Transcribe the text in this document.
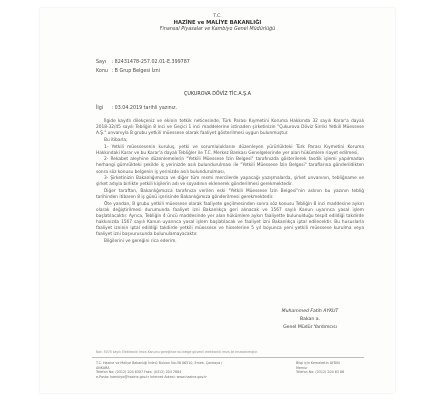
T.C.
HAZİNE ve MALİYE BAKANLIĞI
Finansal Piyasalar ve Kambiyo Genel Müdürlüğü
Sayı : 82431478-257.02.01-E.399787
Konu : B Grup Belgesi İzni
ÇUKUROVA DÖVİZ TİC.A.Ş.A
İlgi : 03.04.2019 tarihli yazınız.

İlgide kayıtlı dilekçeniz ve ekinin tetkik neticesinde, Türk Parası Kıymetini Koruma Hakkında 32 sayılı Karar'a dayalı 2018-32/45 sayılı Tebliğin 8 inci ve Geçici 1 inci maddelerine istinaden şirketinizin "Çukurova Döviz Sirriki Yetkili Müessese A.Ş." unvanıyla B grubu yetkili müessese olarak faaliyet gösterilmesi uygun bulunmuştur.

Bu itibarla;

1- Yetkili müessesenin kuruluş, yetki ve sorumluluklarını düzenleyen yürürlükteki Türk Parası Kıymetini Koruma Hakkındaki Karar ve bu Karar'a dayalı Tebliğler ile T.C. Merkez Bankası Genelgelerinde yer alan hükümlere riayet edilmesi,

2- Rekabet aleyhine düzenlemelerin "Yetkili Müessese İzin Belgesi" tarafınızda gösterilerek tasdik işlemi yapılmadan herhangi gümrükteki şekilde iş yerinizde asılı bulundurulması ile "Yetkili Müessese İzin Belgesi" taraflarına gönderildikten sonra söz konusu belgenin iş yerinizde asılı bulundurulması,

3- Şirketinizin Bakanlığımızca ve diğer tüm resmi mercilerde yapacağı yazışmalarda, şirket unvanının, tebliğname ve şirket adıyla birlikte yetkili kişilerin adı ve soyadının eklenerek gönderilmesi gerekmektedir.

Diğer taraftan, Bakanlığımızca tarafınıza verilen eski "Yetkili Müessese İzin Belgesi"nin aslının bu yazının tebliğ tarihinden itibaren 8 iş günü içerisinde Bakanlığımıza gönderilmesi gerekmektedir.

Öte yandan, B grubu yetkili müessese olarak faaliyete geçilmesinden sonra söz konusu Tebliğin 8 inci maddesine aykırı olarak değiştirilmesi durumunda faaliyet izni Bakanlıkça geri alınacak ve 1567 sayılı Kanun uyarınca yasal işlem başlatılacaktır. Ayrıca, Tebliğin 4 üncü maddesinde yer alan hükümlere aykırı faaliyette bulunulduğu tespit edildiği takdirde hakkınızda 1567 sayılı Kanun uyarınca yasal işlem başlatılacak ve faaliyet izni Bakanlıkça iptal edilecektir. Bu hususlarla faaliyet izninin iptal edildiği takdirde yetkili müessese ve hisselerine 5 yıl boyunca yeni yetkili müessese kurulma veya faaliyet izni başvurusunda bulunulamayacaktır.

Bilgilerini ve gereğini rica ederim.

Muhammed Fatih AYKUT
Bakan a.
Genel Müdür Yardımcısı
Not: 5070 sayılı Elektronik İmza Kanunu gereğince bu belge güvenli elektronik imza ile imzalanmıştır.
T.C. Hazine ve Maliye Bakanlığı İnönü Bulvarı No:36 06510, Emek, Çankaya /
ANKARA
Telefon No: (0312) 204 6307 Faks: (0312) 204 7884
e-Posta: kambiyo@hazine.gov.tr Internet Adresi: www.hazine.gov.tr
Bilgi için Kemalettin AYDIN
Memur
Telefon No: (0312) 204 63 86
